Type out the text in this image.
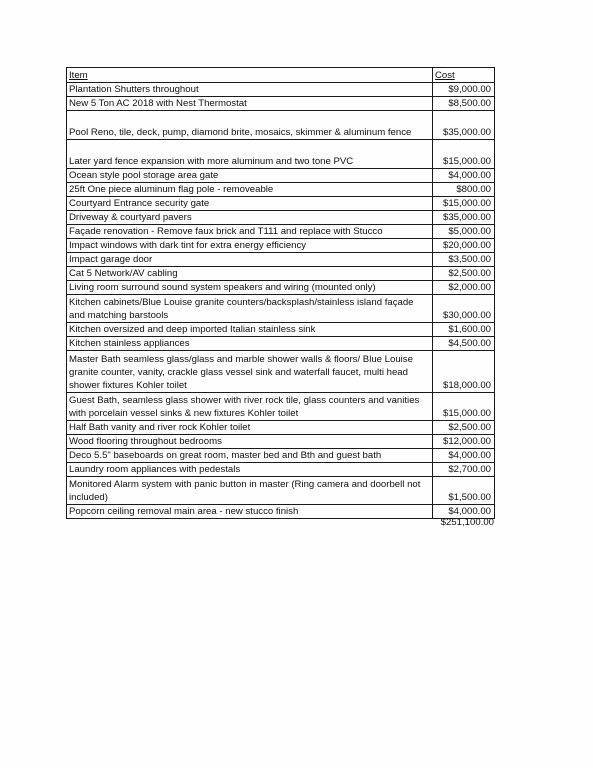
Item	Cost
Plantation Shutters throughout	$9,000.00
New 5 Ton AC 2018 with Nest Thermostat	$8,500.00
Pool Reno, tile, deck, pump, diamond brite, mosaics, skimmer & aluminum fence	$35,000.00
Later yard fence expansion with more aluminum and two tone PVC	$15,000.00
Ocean style pool storage area gate	$4,000.00
25ft One piece aluminum flag pole - removeable	$800.00
Courtyard Entrance security gate	$15,000.00
Driveway & courtyard pavers	$35,000.00
Façade renovation - Remove faux brick and T111 and replace with Stucco	$5,000.00
Impact windows with dark tint for extra energy efficiency	$20,000.00
Impact garage door	$3,500.00
Cat 5 Network/AV cabling	$2,500.00
Living room surround sound system speakers and wiring (mounted only)	$2,000.00
Kitchen cabinets/Blue Louise granite counters/backsplash/stainless island façade and matching barstools	$30,000.00
Kitchen oversized and deep imported Italian stainless sink	$1,600.00
Kitchen stainless appliances	$4,500.00
Master Bath seamless glass/glass and marble shower walls & floors/ Blue Louise granite counter, vanity, crackle glass vessel sink and waterfall faucet, multi head shower fixtures Kohler toilet	$18,000.00
Guest Bath, seamless glass shower with river rock tile, glass counters and vanities with porcelain vessel sinks & new fixtures Kohler toilet	$15,000.00
Half Bath vanity and river rock Kohler toilet	$2,500.00
Wood flooring throughout bedrooms	$12,000.00
Deco 5.5" baseboards on great room, master bed and Bth and guest bath	$4,000.00
Laundry room appliances with pedestals	$2,700.00
Monitored Alarm system with panic button in master (Ring camera and doorbell not included)	$1,500.00
Popcorn ceiling removal main area - new stucco finish	$4,000.00
$251,100.00
